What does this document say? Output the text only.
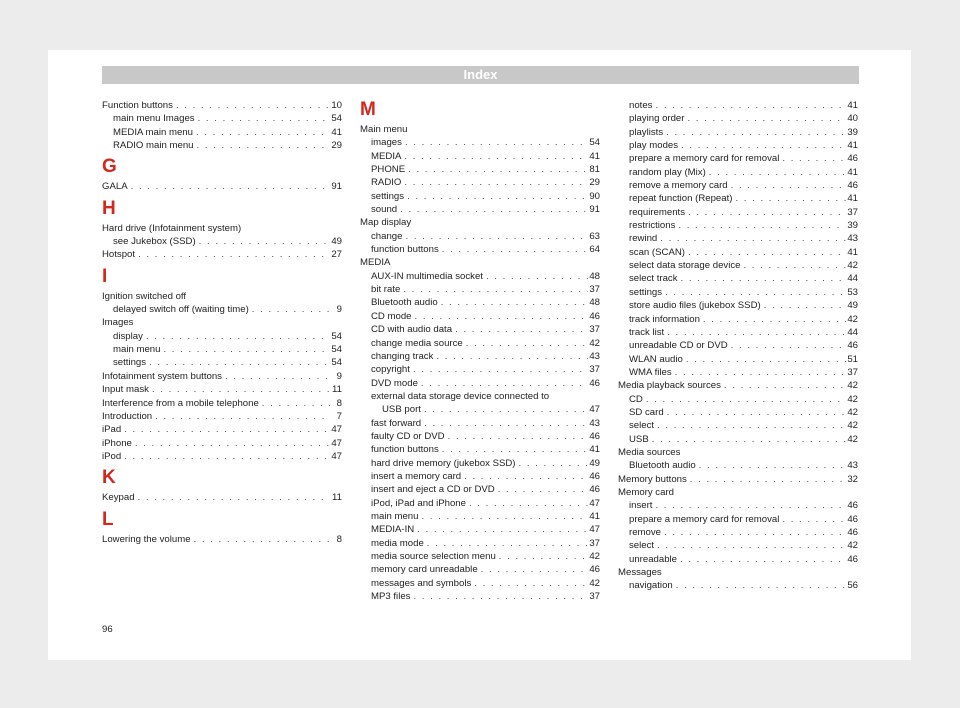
Index
Function buttons . . .	10
main menu Images . . .	54
MEDIA main menu . . .	41
RADIO main menu . . .	29
G
GALA . . .	91
H
Hard drive (Infotainment system)
see Jukebox (SSD) . . .	49
Hotspot . . .	27
I
Ignition switched off
delayed switch off (waiting time) . . .	9
Images
display . . .	54
main menu . . .	54
settings . . .	54
Infotainment system buttons . . .	9
Input mask . . .	11
Interference from a mobile telephone . . .	8
Introduction . . .	7
iPad . . .	47
iPhone . . .	47
iPod . . .	47
K
Keypad . . .	11
L
Lowering the volume . . .	8
M
Main menu
images . . .	54
MEDIA . . .	41
PHONE . . .	81
RADIO . . .	29
settings . . .	90
sound . . .	91
Map display
change . . .	63
function buttons . . .	64
MEDIA
AUX-IN multimedia socket . . .	48
bit rate . . .	37
Bluetooth audio . . .	48
CD mode . . .	46
CD with audio data . . .	37
change media source . . .	42
changing track . . .	43
copyright . . .	37
DVD mode . . .	46
external data storage device connected to
USB port . . .	47
fast forward . . .	43
faulty CD or DVD . . .	46
function buttons . . .	41
hard drive memory (jukebox SSD) . . .	49
insert a memory card . . .	46
insert and eject a CD or DVD . . .	46
iPod, iPad and iPhone . . .	47
main menu . . .	41
MEDIA-IN . . .	47
media mode . . .	37
media source selection menu . . .	42
memory card unreadable . . .	46
messages and symbols . . .	42
MP3 files . . .	37
notes . . .	41
playing order . . .	40
playlists . . .	39
play modes . . .	41
prepare a memory card for removal . . .	46
random play (Mix) . . .	41
remove a memory card . . .	46
repeat function (Repeat) . . .	41
requirements . . .	37
restrictions . . .	39
rewind . . .	43
scan (SCAN) . . .	41
select data storage device . . .	42
select track . . .	44
settings . . .	53
store audio files (jukebox SSD) . . .	49
track information . . .	42
track list . . .	44
unreadable CD or DVD . . .	46
WLAN audio . . .	51
WMA files . . .	37
Media playback sources . . .	42
CD . . .	42
SD card . . .	42
select . . .	42
USB . . .	42
Media sources
Bluetooth audio . . .	43
Memory buttons . . .	32
Memory card
insert . . .	46
prepare a memory card for removal . . .	46
remove . . .	46
select . . .	42
unreadable . . .	46
Messages
navigation . . .	56
96
